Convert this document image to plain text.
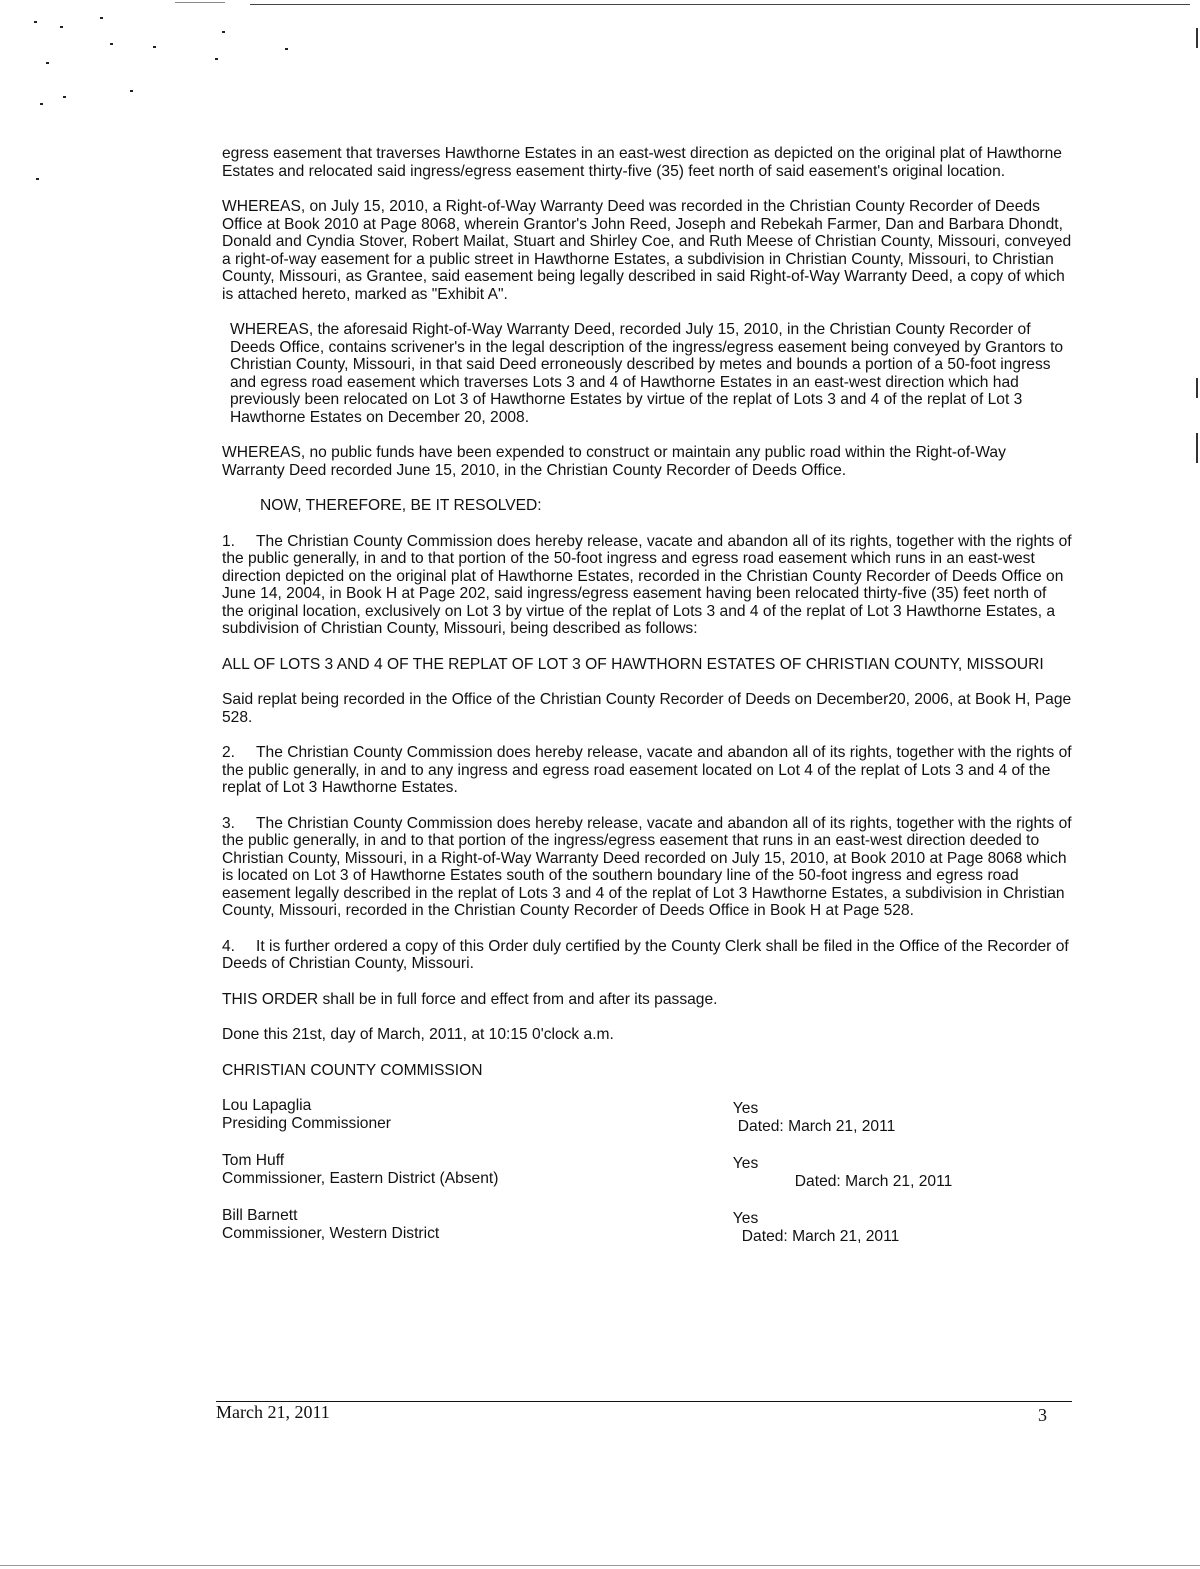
egress easement that traverses Hawthorne Estates in an east-west direction as depicted on the original plat of Hawthorne Estates and relocated said ingress/egress easement thirty-five (35) feet north of said easement's original location.

WHEREAS, on July 15, 2010, a Right-of-Way Warranty Deed was recorded in the Christian County Recorder of Deeds Office at Book 2010 at Page 8068, wherein Grantor's John Reed, Joseph and Rebekah Farmer, Dan and Barbara Dhondt, Donald and Cyndia Stover, Robert Mailat, Stuart and Shirley Coe, and Ruth Meese of Christian County, Missouri, conveyed a right-of-way easement for a public street in Hawthorne Estates, a subdivision in Christian County, Missouri, to Christian County, Missouri, as Grantee, said easement being legally described in said Right-of-Way Warranty Deed, a copy of which is attached hereto, marked as "Exhibit A".

WHEREAS, the aforesaid Right-of-Way Warranty Deed, recorded July 15, 2010, in the Christian County Recorder of Deeds Office, contains scrivener's in the legal description of the ingress/egress easement being conveyed by Grantors to Christian County, Missouri, in that said Deed erroneously described by metes and bounds a portion of a 50-foot ingress and egress road easement which traverses Lots 3 and 4 of Hawthorne Estates in an east-west direction which had previously been relocated on Lot 3 of Hawthorne Estates by virtue of the replat of Lots 3 and 4 of the replat of Lot 3 Hawthorne Estates on December 20, 2008.

WHEREAS, no public funds have been expended to construct or maintain any public road within the Right-of-Way Warranty Deed recorded June 15, 2010, in the Christian County Recorder of Deeds Office.

NOW, THEREFORE, BE IT RESOLVED:

1. The Christian County Commission does hereby release, vacate and abandon all of its rights, together with the rights of the public generally, in and to that portion of the 50-foot ingress and egress road easement which runs in an east-west direction depicted on the original plat of Hawthorne Estates, recorded in the Christian County Recorder of Deeds Office on June 14, 2004, in Book H at Page 202, said ingress/egress easement having been relocated thirty-five (35) feet north of the original location, exclusively on Lot 3 by virtue of the replat of Lots 3 and 4 of the replat of Lot 3 Hawthorne Estates, a subdivision of Christian County, Missouri, being described as follows:

ALL OF LOTS 3 AND 4 OF THE REPLAT OF LOT 3 OF HAWTHORN ESTATES OF CHRISTIAN COUNTY, MISSOURI

Said replat being recorded in the Office of the Christian County Recorder of Deeds on December20, 2006, at Book H, Page 528.

2. The Christian County Commission does hereby release, vacate and abandon all of its rights, together with the rights of the public generally, in and to any ingress and egress road easement located on Lot 4 of the replat of Lots 3 and 4 of the replat of Lot 3 Hawthorne Estates.

3. The Christian County Commission does hereby release, vacate and abandon all of its rights, together with the rights of the public generally, in and to that portion of the ingress/egress easement that runs in an east-west direction deeded to Christian County, Missouri, in a Right-of-Way Warranty Deed recorded on July 15, 2010, at Book 2010 at Page 8068 which is located on Lot 3 of Hawthorne Estates south of the southern boundary line of the 50-foot ingress and egress road easement legally described in the replat of Lots 3 and 4 of the replat of Lot 3 Hawthorne Estates, a subdivision in Christian County, Missouri, recorded in the Christian County Recorder of Deeds Office in Book H at Page 528.

4. It is further ordered a copy of this Order duly certified by the County Clerk shall be filed in the Office of the Recorder of Deeds of Christian County, Missouri.

THIS ORDER shall be in full force and effect from and after its passage.

Done this 21st, day of March, 2011, at 10:15 0'clock a.m.

CHRISTIAN COUNTY COMMISSION

Lou Lapaglia
Presiding Commissioner
Yes
Dated: March 21, 2011
Tom Huff
Commissioner, Eastern District (Absent)
Yes
Dated: March 21, 2011
Bill Barnett
Commissioner, Western District
Yes
Dated: March 21, 2011
March 21, 2011	3
